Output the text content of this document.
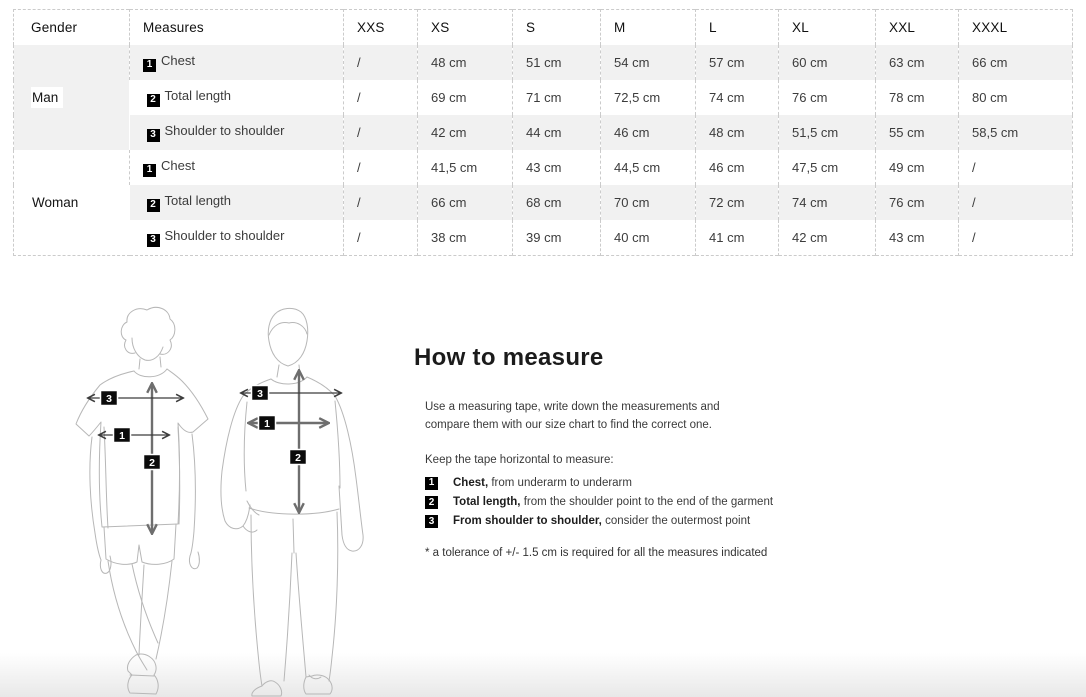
Gender	Measures	XXS	XS	S	M	L	XL	XXL	XXXL
Man	1 Chest	/	48 cm	51 cm	54 cm	57 cm	60 cm	63 cm	66 cm
	2 Total length	/	69 cm	71 cm	72,5 cm	74 cm	76 cm	78 cm	80 cm
	3 Shoulder to shoulder	/	42 cm	44 cm	46 cm	48 cm	51,5 cm	55 cm	58,5 cm
Woman	1 Chest	/	41,5 cm	43 cm	44,5 cm	46 cm	47,5 cm	49 cm	/
	2 Total length	/	66 cm	68 cm	70 cm	72 cm	74 cm	76 cm	/
	3 Shoulder to shoulder	/	38 cm	39 cm	40 cm	41 cm	42 cm	43 cm	/
3
1
2
3
1
2
How to measure

Use a measuring tape, write down the measurements and compare them with our size chart to find the correct one.

Keep the tape horizontal to measure:

1	Chest, from underarm to underarm

2	Total length, from the shoulder point to the end of the garment

3	From shoulder to shoulder, consider the outermost point

* a tolerance of +/- 1.5 cm is required for all the measures indicated
